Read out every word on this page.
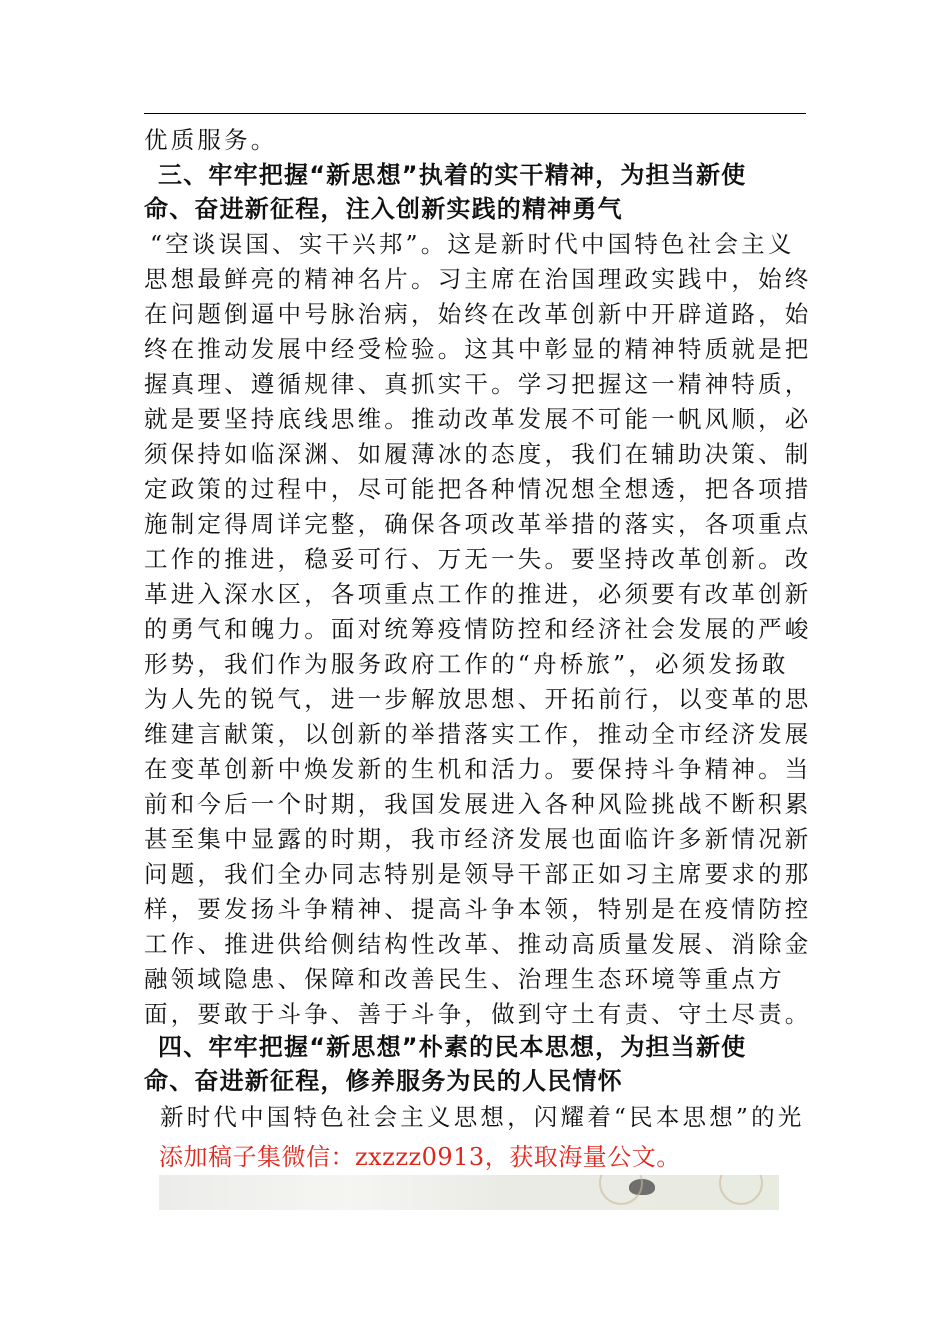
优质服务。
三、牢牢把握“新思想”执着的实干精神，为担当新使
命、奋进新征程，注入创新实践的精神勇气
“空谈误国、实干兴邦”。这是新时代中国特色社会主义
思想最鲜亮的精神名片。习主席在治国理政实践中，始终
在问题倒逼中号脉治病，始终在改革创新中开辟道路，始
终在推动发展中经受检验。这其中彰显的精神特质就是把
握真理、遵循规律、真抓实干。学习把握这一精神特质，
就是要坚持底线思维。推动改革发展不可能一帆风顺，必
须保持如临深渊、如履薄冰的态度，我们在辅助决策、制
定政策的过程中，尽可能把各种情况想全想透，把各项措
施制定得周详完整，确保各项改革举措的落实，各项重点
工作的推进，稳妥可行、万无一失。要坚持改革创新。改
革进入深水区，各项重点工作的推进，必须要有改革创新
的勇气和魄力。面对统筹疫情防控和经济社会发展的严峻
形势，我们作为服务政府工作的“舟桥旅”，必须发扬敢
为人先的锐气，进一步解放思想、开拓前行，以变革的思
维建言献策，以创新的举措落实工作，推动全市经济发展
在变革创新中焕发新的生机和活力。要保持斗争精神。当
前和今后一个时期，我国发展进入各种风险挑战不断积累
甚至集中显露的时期，我市经济发展也面临许多新情况新
问题，我们全办同志特别是领导干部正如习主席要求的那
样，要发扬斗争精神、提高斗争本领，特别是在疫情防控
工作、推进供给侧结构性改革、推动高质量发展、消除金
融领域隐患、保障和改善民生、治理生态环境等重点方
面，要敢于斗争、善于斗争，做到守土有责、守土尽责。
四、牢牢把握“新思想”朴素的民本思想，为担当新使
命、奋进新征程，修养服务为民的人民情怀
新时代中国特色社会主义思想，闪耀着“民本思想”的光
添加稿子集微信：zxzzz0913，获取海量公文。
